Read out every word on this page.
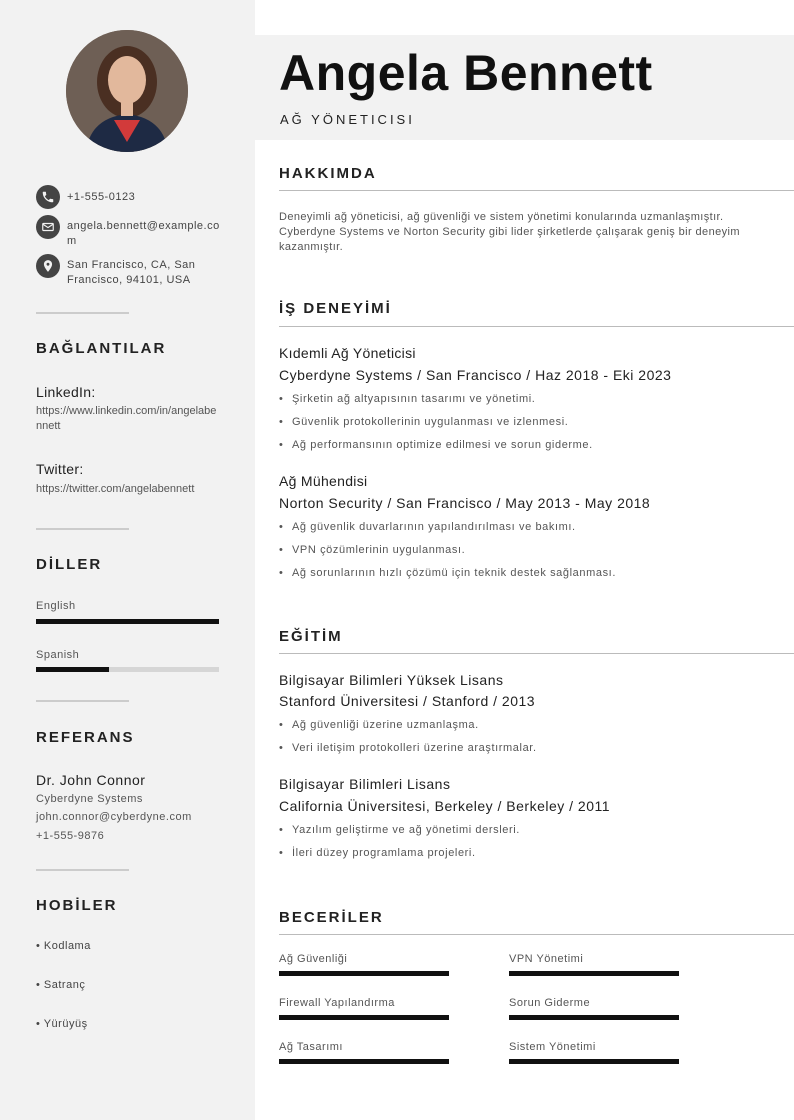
+1-555-0123
angela.bennett@example.com
San Francisco, CA, San Francisco, 94101, USA
BAĞLANTILAR
LinkedIn:
https://www.linkedin.com/in/angelabennett
Twitter:
https://twitter.com/angelabennett
DİLLER
English
Spanish
REFERANS
Dr. John Connor
Cyberdyne Systems
john.connor@cyberdyne.com
+1-555-9876
HOBİLER
• Kodlama
• Satranç
• Yürüyüş
Angela Bennett
AĞ YÖNETICISI
HAKKIMDA
Deneyimli ağ yöneticisi, ağ güvenliği ve sistem yönetimi konularında uzmanlaşmıştır. Cyberdyne Systems ve Norton Security gibi lider şirketlerde çalışarak geniş bir deneyim kazanmıştır.
İŞ DENEYİMİ
Kıdemli Ağ Yöneticisi
Cyberdyne Systems / San Francisco / Haz 2018 - Eki 2023
• Şirketin ağ altyapısının tasarımı ve yönetimi.
• Güvenlik protokollerinin uygulanması ve izlenmesi.
• Ağ performansının optimize edilmesi ve sorun giderme.
Ağ Mühendisi
Norton Security / San Francisco / May 2013 - May 2018
• Ağ güvenlik duvarlarının yapılandırılması ve bakımı.
• VPN çözümlerinin uygulanması.
• Ağ sorunlarının hızlı çözümü için teknik destek sağlanması.
EĞİTİM
Bilgisayar Bilimleri Yüksek Lisans
Stanford Üniversitesi / Stanford / 2013
• Ağ güvenliği üzerine uzmanlaşma.
• Veri iletişim protokolleri üzerine araştırmalar.
Bilgisayar Bilimleri Lisans
California Üniversitesi, Berkeley / Berkeley / 2011
• Yazılım geliştirme ve ağ yönetimi dersleri.
• İleri düzey programlama projeleri.
BECERİLER
Ağ Güvenliği	VPN Yönetimi
Firewall Yapılandırma	Sorun Giderme
Ağ Tasarımı	Sistem Yönetimi
